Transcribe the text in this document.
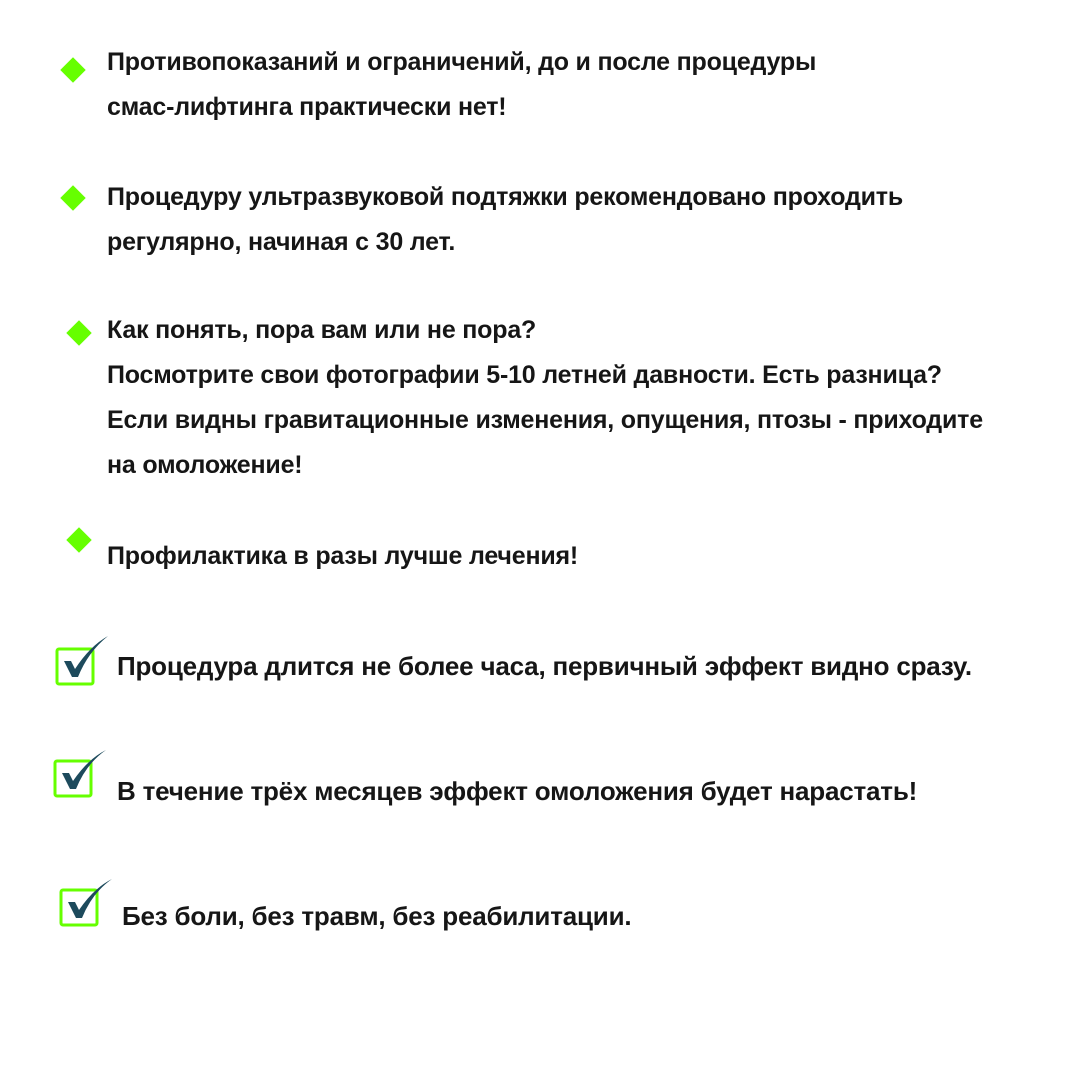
Противопоказаний и ограничений, до и после процедуры
смас-лифтинга практически нет!
Процедуру ультразвуковой подтяжки рекомендовано проходить
регулярно, начиная с 30 лет.
Как понять, пора вам или не пора?
Посмотрите свои фотографии 5-10 летней давности. Есть разница?
Если видны гравитационные изменения, опущения, птозы - приходите
на омоложение!
Профилактика в разы лучше лечения!
Процедура длится не более часа, первичный эффект видно сразу.
В течение трёх месяцев эффект омоложения будет нарастать!
Без боли, без травм, без реабилитации.
